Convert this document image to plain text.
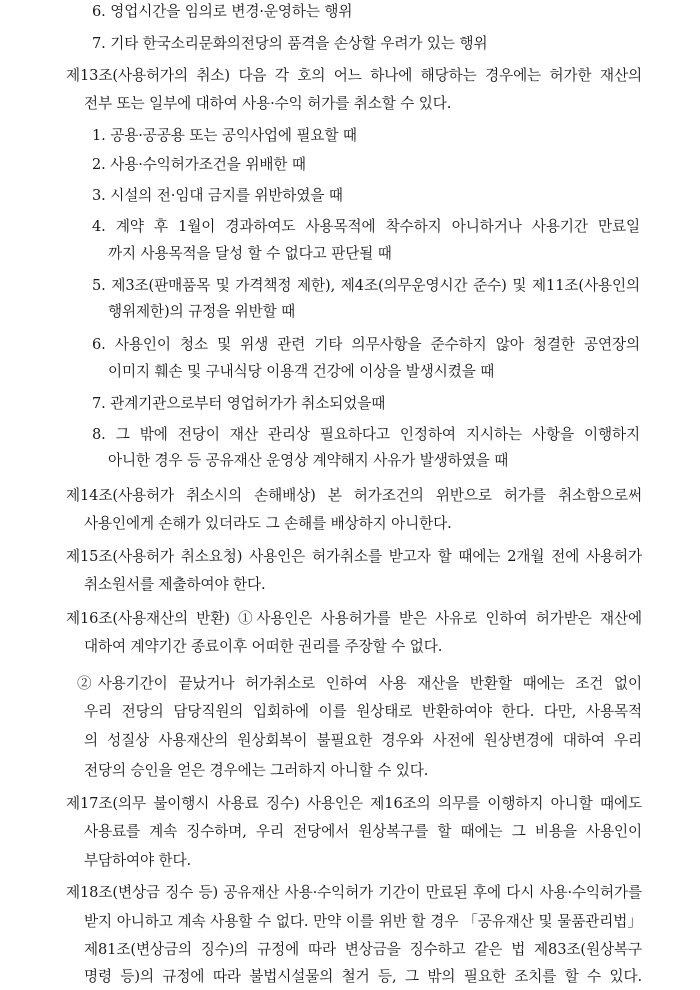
6. 영업시간을 임의로 변경·운영하는 행위
7. 기타 한국소리문화의전당의 품격을 손상할 우려가 있는 행위
제13조(사용허가의 취소) 다음 각 호의 어느 하나에 해당하는 경우에는 허가한 재산의
전부 또는 일부에 대하여 사용·수익 허가를 취소할 수 있다.
1. 공용·공공용 또는 공익사업에 필요할 때
2. 사용·수익허가조건을 위배한 때
3. 시설의 전·임대 금지를 위반하였을 때
4. 계약 후 1월이 경과하여도 사용목적에 착수하지 아니하거나 사용기간 만료일
까지 사용목적을 달성 할 수 없다고 판단될 때
5. 제3조(판매품목 및 가격책정 제한), 제4조(의무운영시간 준수) 및 제11조(사용인의
행위제한)의 규정을 위반할 때
6. 사용인이 청소 및 위생 관련 기타 의무사항을 준수하지 않아 청결한 공연장의
이미지 훼손 및 구내식당 이용객 건강에 이상을 발생시켰을 때
7. 관계기관으로부터 영업허가가 취소되었을때
8. 그 밖에 전당이 재산 관리상 필요하다고 인정하여 지시하는 사항을 이행하지
아니한 경우 등 공유재산 운영상 계약해지 사유가 발생하였을 때
제14조(사용허가 취소시의 손해배상) 본 허가조건의 위반으로 허가를 취소함으로써
사용인에게 손해가 있더라도 그 손해를 배상하지 아니한다.
제15조(사용허가 취소요청) 사용인은 허가취소를 받고자 할 때에는 2개월 전에 사용허가
취소원서를 제출하여야 한다.
제16조(사용재산의 반환) ①사용인은 사용허가를 받은 사유로 인하여 허가받은 재산에
대하여 계약기간 종료이후 어떠한 권리를 주장할 수 없다.
②사용기간이 끝났거나 허가취소로 인하여 사용 재산을 반환할 때에는 조건 없이
우리 전당의 담당직원의 입회하에 이를 원상태로 반환하여야 한다. 다만, 사용목적
의 성질상 사용재산의 원상회복이 불필요한 경우와 사전에 원상변경에 대하여 우리
전당의 승인을 얻은 경우에는 그러하지 아니할 수 있다.
제17조(의무 불이행시 사용료 징수) 사용인은 제16조의 의무를 이행하지 아니할 때에도
사용료를 계속 징수하며, 우리 전당에서 원상복구를 할 때에는 그 비용을 사용인이
부담하여야 한다.
제18조(변상금 징수 등) 공유재산 사용·수익허가 기간이 만료된 후에 다시 사용·수익허가를
받지 아니하고 계속 사용할 수 없다. 만약 이를 위반 할 경우 「공유재산 및 물품관리법」
제81조(변상금의 징수)의 규정에 따라 변상금을 징수하고 같은 법 제83조(원상복구
명령 등)의 규정에 따라 불법시설물의 철거 등, 그 밖의 필요한 조치를 할 수 있다.
